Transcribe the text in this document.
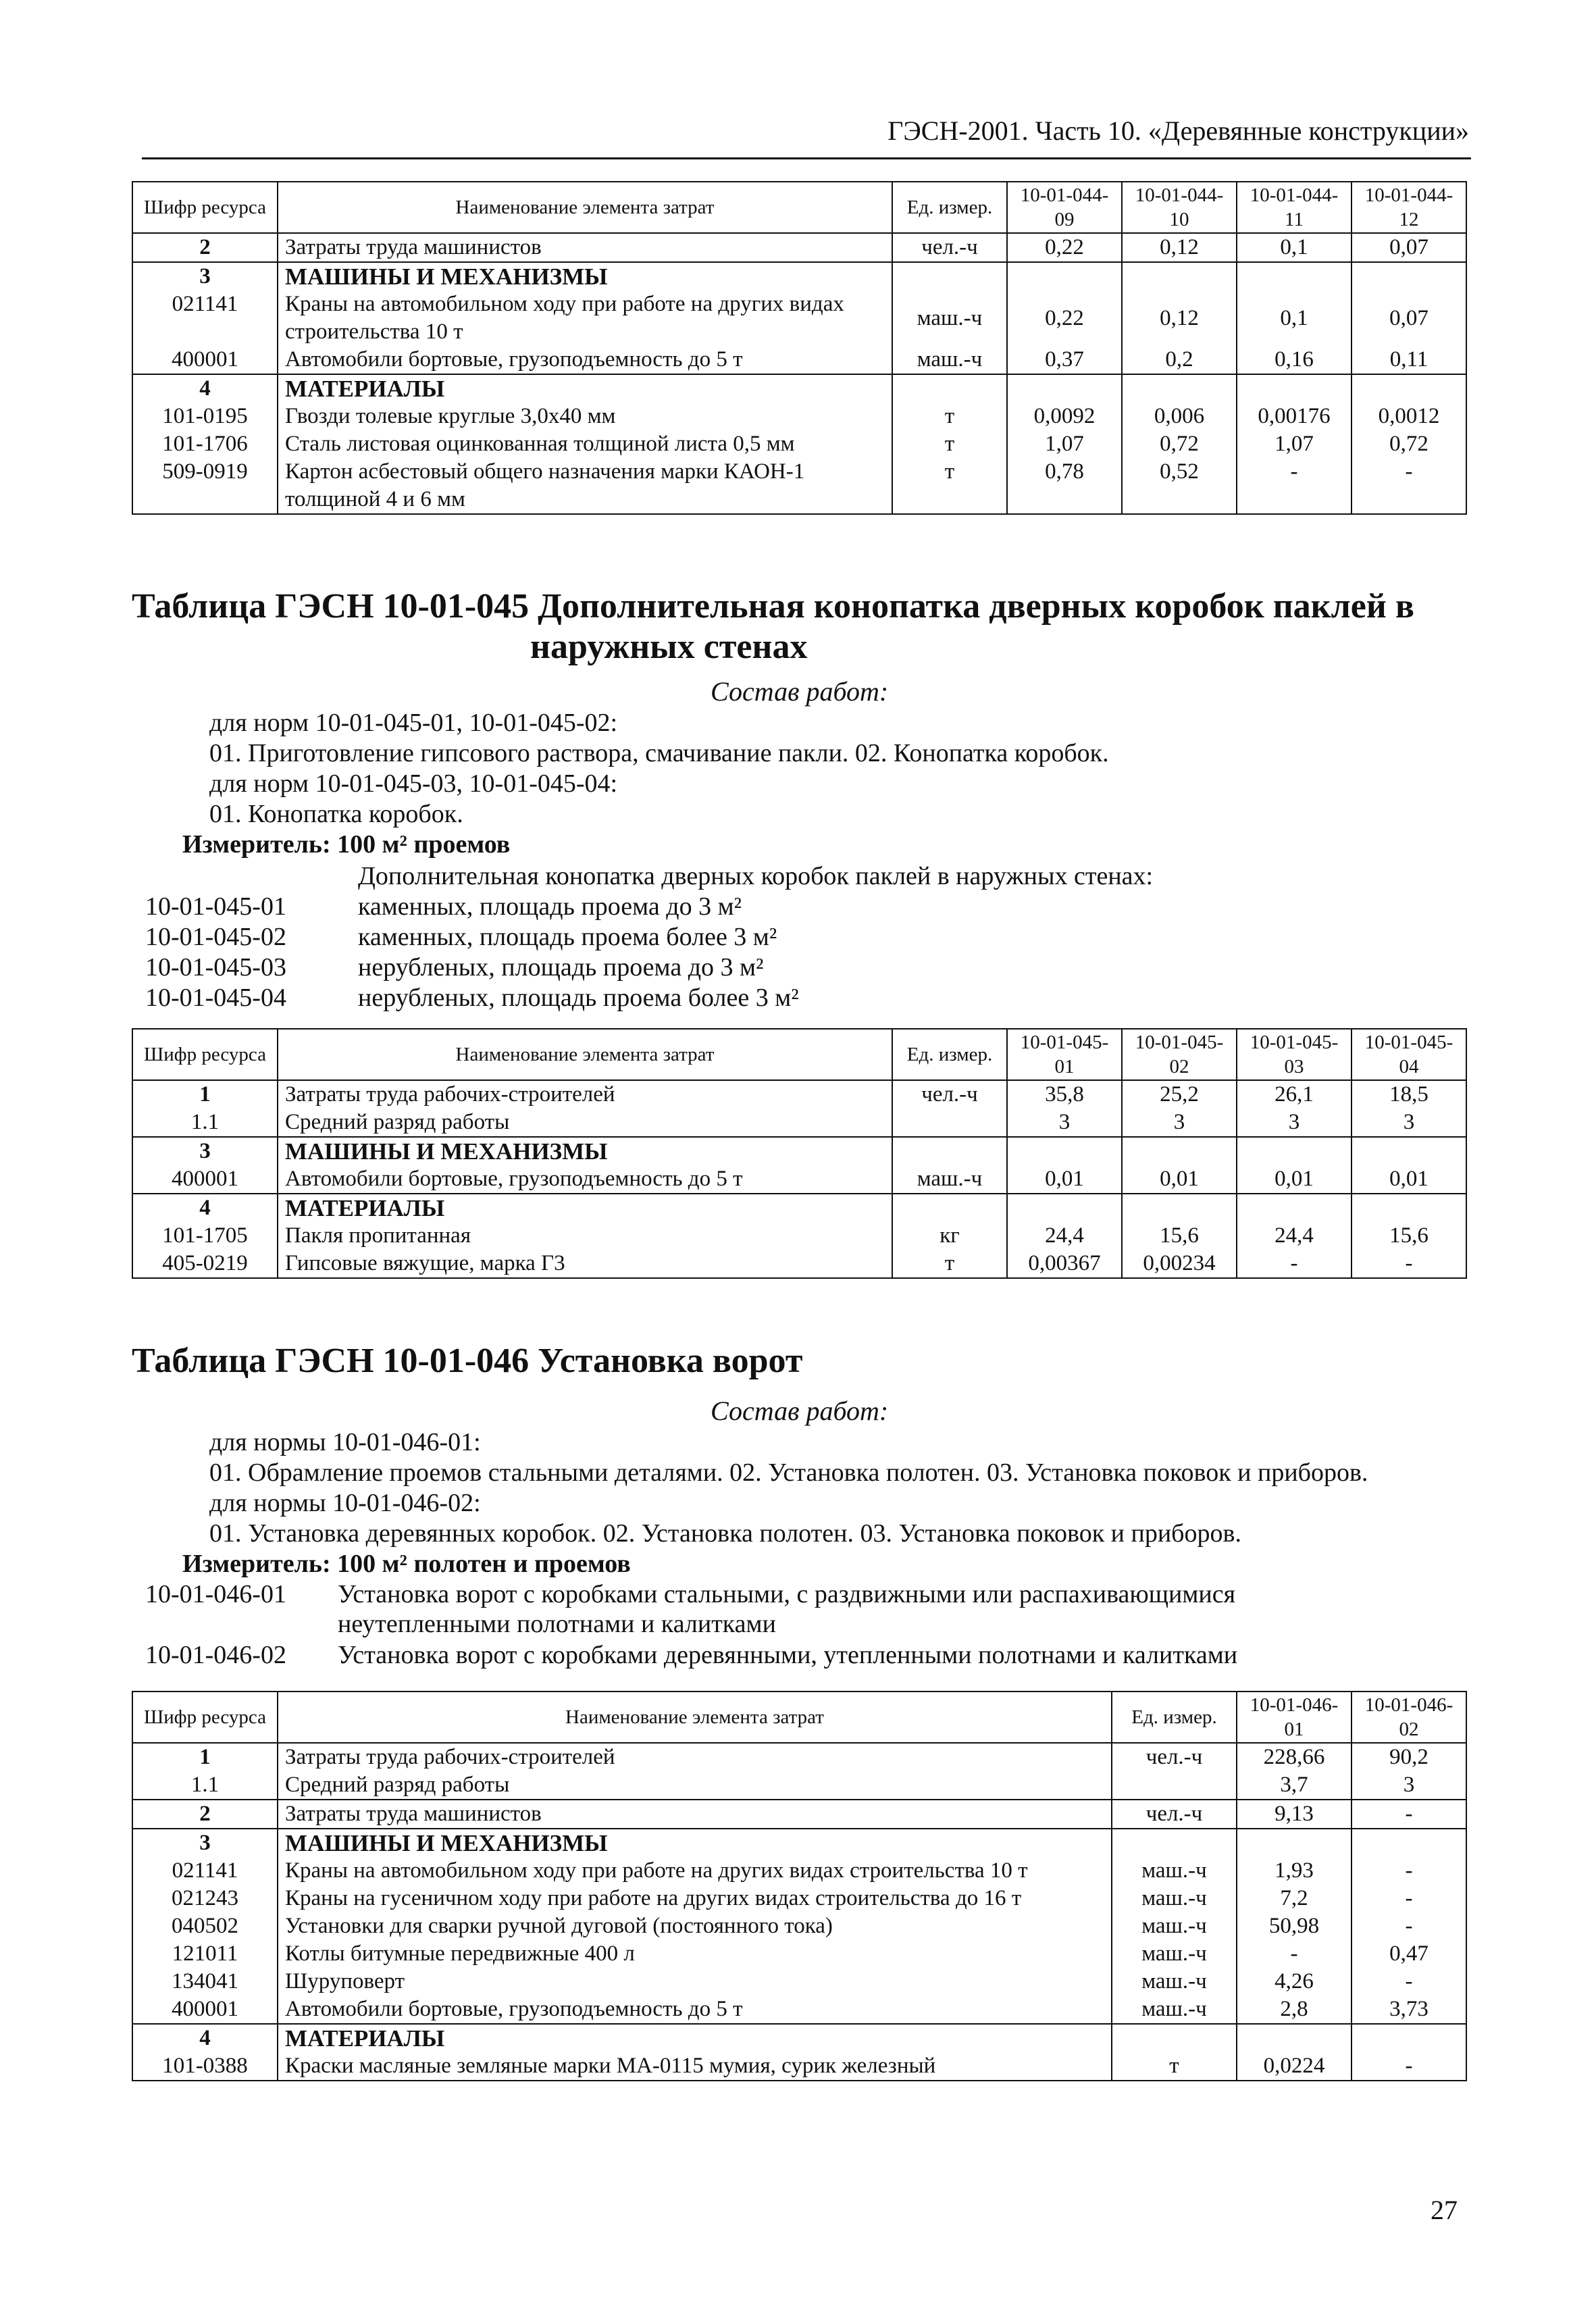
ГЭСН-2001. Часть 10. «Деревянные конструкции»
Шифр ресурса	Наименование элемента затрат	Ед. измер.	10-01-044-09	10-01-044-10	10-01-044-11	10-01-044-12
2	Затраты труда машинистов	чел.-ч	0,22	0,12	0,1	0,07
3	МАШИНЫ И МЕХАНИЗМЫ					
021141	Краны на автомобильном ходу при работе на других видах строительства 10 т	маш.-ч	0,22	0,12	0,1	0,07
400001	Автомобили бортовые, грузоподъемность до 5 т	маш.-ч	0,37	0,2	0,16	0,11
4	МАТЕРИАЛЫ					
101-0195	Гвозди толевые круглые 3,0х40 мм	т	0,0092	0,006	0,00176	0,0012
101-1706	Сталь листовая оцинкованная толщиной листа 0,5 мм	т	1,07	0,72	1,07	0,72
509-0919	Картон асбестовый общего назначения марки КАОН-1 толщиной 4 и 6 мм	т	0,78	0,52	-	-
Таблица ГЭСН 10-01-045 Дополнительная конопатка дверных коробок паклей в
наружных стенах
Состав работ:
для норм 10-01-045-01, 10-01-045-02:
01. Приготовление гипсового раствора, смачивание пакли. 02. Конопатка коробок.
для норм 10-01-045-03, 10-01-045-04:
01. Конопатка коробок.
Измеритель: 100 м² проемов
Дополнительная конопатка дверных коробок паклей в наружных стенах:
10-01-045-01	каменных, площадь проема до 3 м²
10-01-045-02	каменных, площадь проема более 3 м²
10-01-045-03	нерубленых, площадь проема до 3 м²
10-01-045-04	нерубленых, площадь проема более 3 м²
Шифр ресурса	Наименование элемента затрат	Ед. измер.	10-01-045-01	10-01-045-02	10-01-045-03	10-01-045-04
1	Затраты труда рабочих-строителей	чел.-ч	35,8	25,2	26,1	18,5
1.1	Средний разряд работы		3	3	3	3
3	МАШИНЫ И МЕХАНИЗМЫ					
400001	Автомобили бортовые, грузоподъемность до 5 т	маш.-ч	0,01	0,01	0,01	0,01
4	МАТЕРИАЛЫ					
101-1705	Пакля пропитанная	кг	24,4	15,6	24,4	15,6
405-0219	Гипсовые вяжущие, марка Г3	т	0,00367	0,00234	-	-
Таблица ГЭСН 10-01-046 Установка ворот
Состав работ:
для нормы 10-01-046-01:
01. Обрамление проемов стальными деталями. 02. Установка полотен. 03. Установка поковок и приборов.
для нормы 10-01-046-02:
01. Установка деревянных коробок. 02. Установка полотен. 03. Установка поковок и приборов.
Измеритель: 100 м² полотен и проемов
10-01-046-01 Установка ворот с коробками стальными, с раздвижными или распахивающимися неутепленными полотнами и калитками
10-01-046-02 Установка ворот с коробками деревянными, утепленными полотнами и калитками
Шифр ресурса	Наименование элемента затрат	Ед. измер.	10-01-046-01	10-01-046-02
1	Затраты труда рабочих-строителей	чел.-ч	228,66	90,2
1.1	Средний разряд работы		3,7	3
2	Затраты труда машинистов	чел.-ч	9,13	-
3	МАШИНЫ И МЕХАНИЗМЫ			
021141	Краны на автомобильном ходу при работе на других видах строительства 10 т	маш.-ч	1,93	-
021243	Краны на гусеничном ходу при работе на других видах строительства до 16 т	маш.-ч	7,2	-
040502	Установки для сварки ручной дуговой (постоянного тока)	маш.-ч	50,98	-
121011	Котлы битумные передвижные 400 л	маш.-ч	-	0,47
134041	Шуруповерт	маш.-ч	4,26	-
400001	Автомобили бортовые, грузоподъемность до 5 т	маш.-ч	2,8	3,73
4	МАТЕРИАЛЫ			
101-0388	Краски масляные земляные марки МА-0115 мумия, сурик железный	т	0,0224	-
27
